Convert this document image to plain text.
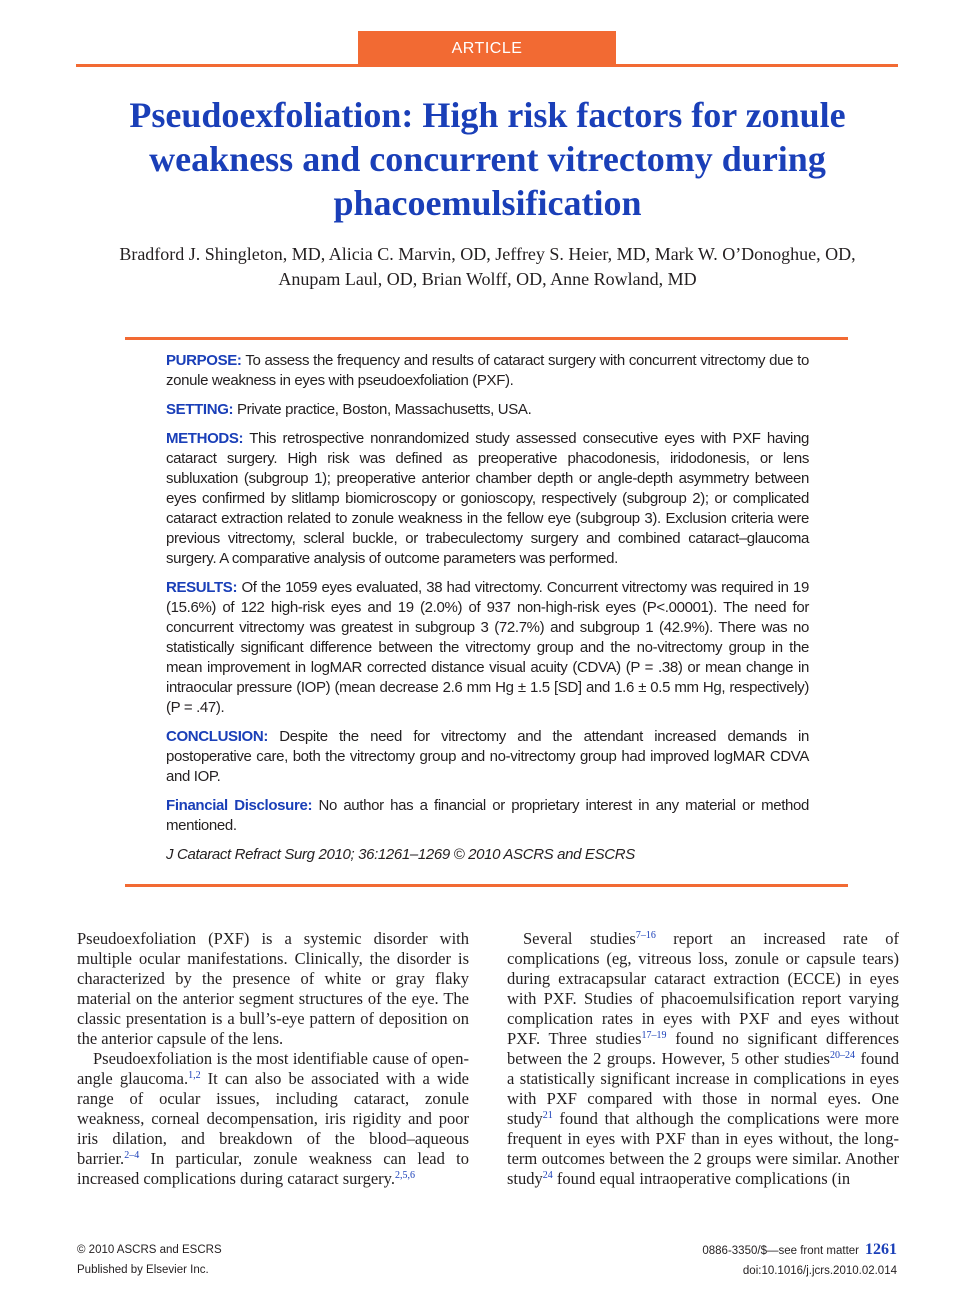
ARTICLE
Pseudoexfoliation: High risk factors for zonule weakness and concurrent vitrectomy during phacoemulsification
Bradford J. Shingleton, MD, Alicia C. Marvin, OD, Jeffrey S. Heier, MD, Mark W. O’Donoghue, OD,
Anupam Laul, OD, Brian Wolff, OD, Anne Rowland, MD

PURPOSE: To assess the frequency and results of cataract surgery with concurrent vitrectomy due to zonule weakness in eyes with pseudoexfoliation (PXF).

SETTING: Private practice, Boston, Massachusetts, USA.

METHODS: This retrospective nonrandomized study assessed consecutive eyes with PXF having cataract surgery. High risk was defined as preoperative phacodonesis, iridodonesis, or lens subluxation (subgroup 1); preoperative anterior chamber depth or angle-depth asymmetry between eyes confirmed by slitlamp biomicroscopy or gonioscopy, respectively (subgroup 2); or complicated cataract extraction related to zonule weakness in the fellow eye (subgroup 3). Exclusion criteria were previous vitrectomy, scleral buckle, or trabeculectomy surgery and combined cataract–glaucoma surgery. A comparative analysis of outcome parameters was performed.

RESULTS: Of the 1059 eyes evaluated, 38 had vitrectomy. Concurrent vitrectomy was required in 19 (15.6%) of 122 high-risk eyes and 19 (2.0%) of 937 non-high-risk eyes (P<.00001). The need for concurrent vitrectomy was greatest in subgroup 3 (72.7%) and subgroup 1 (42.9%). There was no statistically significant difference between the vitrectomy group and the no-vitrectomy group in the mean improvement in logMAR corrected distance visual acuity (CDVA) (P = .38) or mean change in intraocular pressure (IOP) (mean decrease 2.6 mm Hg ± 1.5 [SD] and 1.6 ± 0.5 mm Hg, respectively) (P = .47).

CONCLUSION: Despite the need for vitrectomy and the attendant increased demands in postoperative care, both the vitrectomy group and no-vitrectomy group had improved logMAR CDVA and IOP.

Financial Disclosure: No author has a financial or proprietary interest in any material or method mentioned.

J Cataract Refract Surg 2010; 36:1261–1269 © 2010 ASCRS and ESCRS

Pseudoexfoliation (PXF) is a systemic disorder with multiple ocular manifestations. Clinically, the disorder is characterized by the presence of white or gray flaky material on the anterior segment structures of the eye. The classic presentation is a bull’s-eye pattern of deposition on the anterior capsule of the lens.

Pseudoexfoliation is the most identifiable cause of open-angle glaucoma.$^{1,2}$ It can also be associated with a wide range of ocular issues, including cataract, zonule weakness, corneal decompensation, iris rigidity and poor iris dilation, and breakdown of the blood–aqueous barrier.$^{2-4}$ In particular, zonule weakness can lead to increased complications during cataract surgery.$^{2,5,6}$

Several studies$^{7-16}$ report an increased rate of complications (eg, vitreous loss, zonule or capsule tears) during extracapsular cataract extraction (ECCE) in eyes with PXF. Studies of phacoemulsification report varying complication rates in eyes with PXF and eyes without PXF. Three studies$^{17-19}$ found no significant differences between the 2 groups. However, 5 other studies$^{20-24}$ found a statistically significant increase in complications in eyes with PXF compared with those in normal eyes. One study$^{21}$ found that although the complications were more frequent in eyes with PXF than in eyes without, the long-term outcomes between the 2 groups were similar. Another study$^{24}$ found equal intraoperative complications (in

© 2010 ASCRS and ESCRS
Published by Elsevier Inc.
0886-3350/$—see front matter 1261
doi:10.1016/j.jcrs.2010.02.014
